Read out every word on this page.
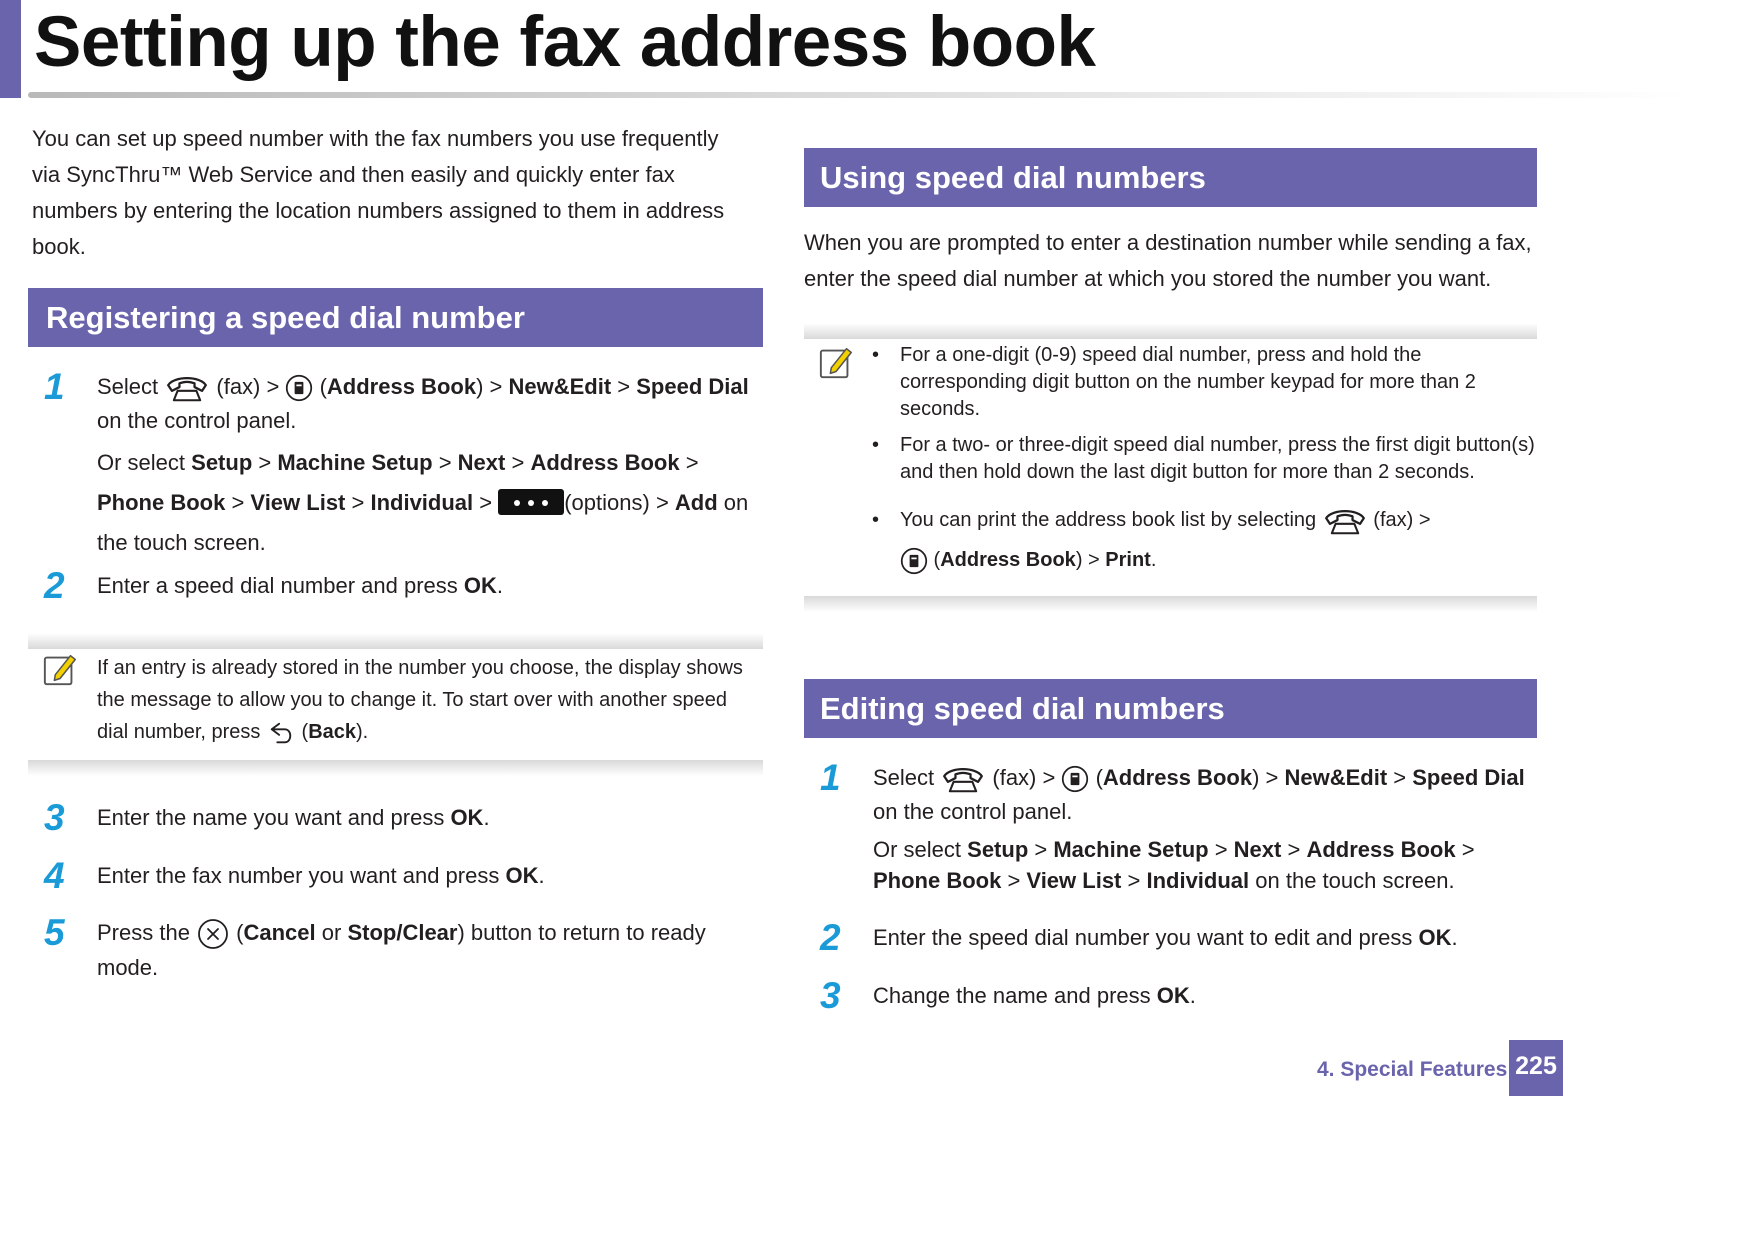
Setting up the fax address book
You can set up speed number with the fax numbers you use frequently via SyncThru™ Web Service and then easily and quickly enter fax numbers by entering the location numbers assigned to them in address book.
Registering a speed dial number
1 Select  (fax) >  (Address Book) > New&Edit > Speed Dial on the control panel.
Or select Setup > Machine Setup > Next > Address Book > Phone Book > View List > Individual >	(options) > Add on the touch screen.
2 Enter a speed dial number and press OK.
If an entry is already stored in the number you choose, the display shows the message to allow you to change it. To start over with another speed dial number, press  (Back).
3 Enter the name you want and press OK.
4 Enter the fax number you want and press OK.
5 Press the  (Cancel or Stop/Clear) button to return to ready mode.
Using speed dial numbers
When you are prompted to enter a destination number while sending a fax, enter the speed dial number at which you stored the number you want.
• For a one-digit (0-9) speed dial number, press and hold the corresponding digit button on the number keypad for more than 2 seconds.
• For a two- or three-digit speed dial number, press the first digit button(s) and then hold down the last digit button for more than 2 seconds.
• You can print the address book list by selecting  (fax) >
(Address Book) > Print.
Editing speed dial numbers
1 Select  (fax) >  (Address Book) > New&Edit > Speed Dial on the control panel.
Or select Setup > Machine Setup > Next > Address Book > Phone Book > View List > Individual on the touch screen.
2 Enter the speed dial number you want to edit and press OK.
3 Change the name and press OK.
4. Special Features 225
